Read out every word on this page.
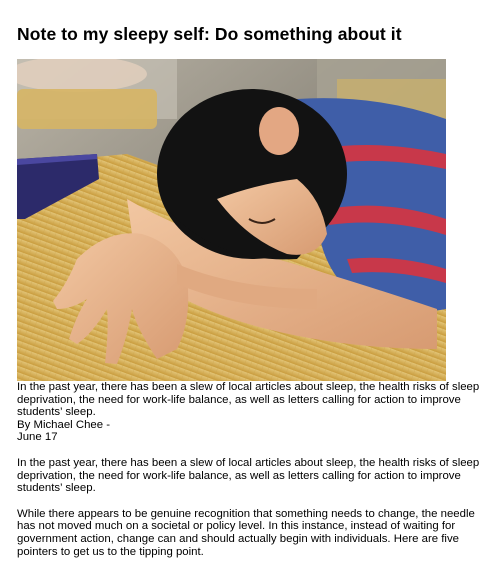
Note to my sleepy self: Do something about it

In the past year, there has been a slew of local articles about sleep, the health risks of sleep deprivation, the need for work-life balance, as well as letters calling for action to improve students’ sleep.

By Michael Chee -
June 17

In the past year, there has been a slew of local articles about sleep, the health risks of sleep deprivation, the need for work-life balance, as well as letters calling for action to improve students’ sleep.

While there appears to be genuine recognition that something needs to change, the needle has not moved much on a societal or policy level. In this instance, instead of waiting for government action, change can and should actually begin with individuals. Here are five pointers to get us to the tipping point.
